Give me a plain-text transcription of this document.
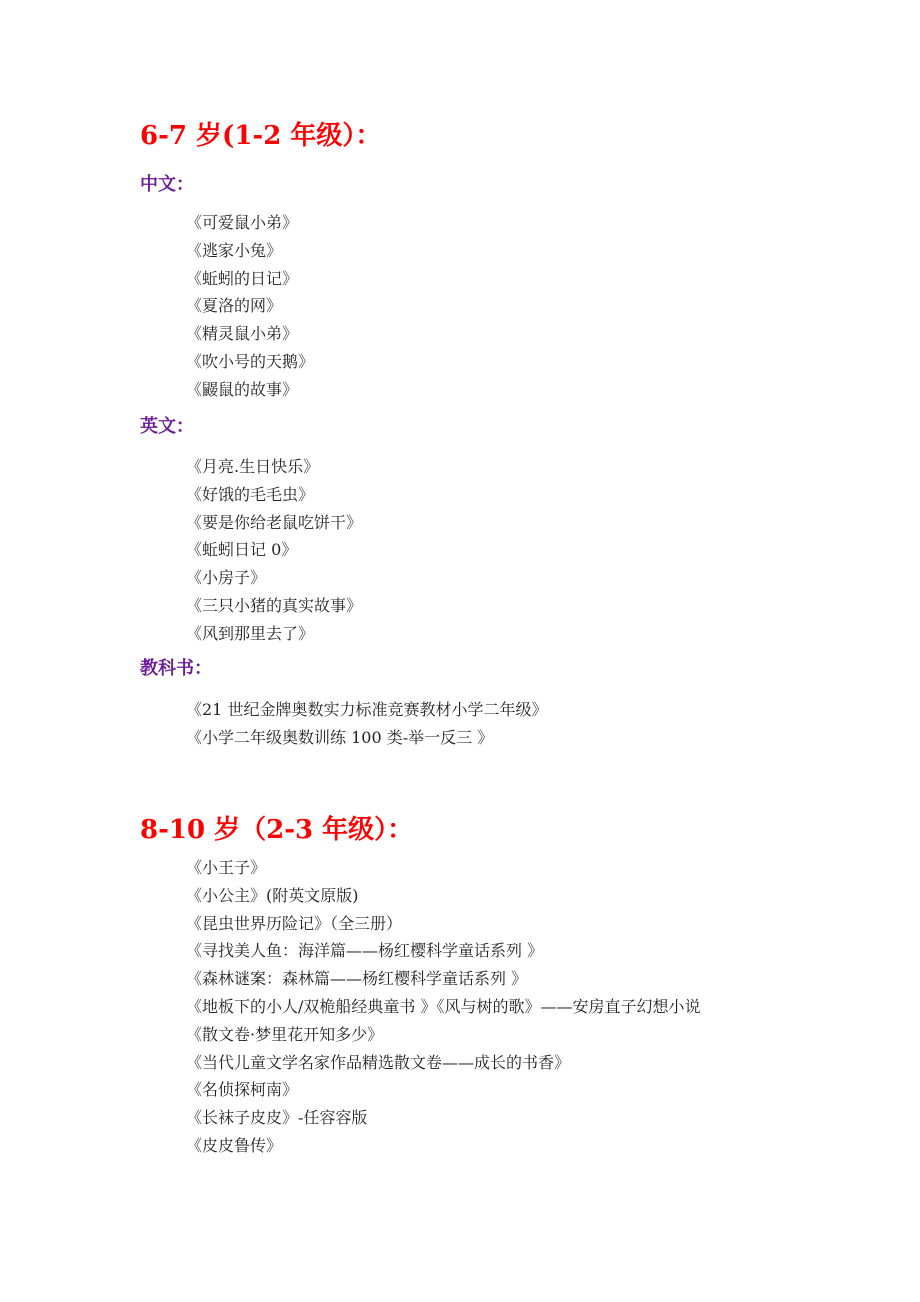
6-7 岁(1-2 年级）：
中文：
《可爱鼠小弟》
《逃家小兔》
《蚯蚓的日记》
《夏洛的网》
《精灵鼠小弟》
《吹小号的天鹅》
《鼹鼠的故事》
英文：
《月亮.生日快乐》
《好饿的毛毛虫》
《要是你给老鼠吃饼干》
《蚯蚓日记 0》
《小房子》
《三只小猪的真实故事》
《风到那里去了》
教科书：
《21 世纪金牌奥数实力标准竞赛教材小学二年级》
《小学二年级奥数训练 100 类-举一反三 》
8-10 岁（2-3 年级）：
《小王子》
《小公主》(附英文原版)
《昆虫世界历险记》（全三册）
《寻找美人鱼：海洋篇——杨红樱科学童话系列 》
《森林谜案：森林篇——杨红樱科学童话系列 》
《地板下的小人/双桅船经典童书 》《风与树的歌》——安房直子幻想小说
《散文卷·梦里花开知多少》
《当代儿童文学名家作品精选散文卷——成长的书香》
《名侦探柯南》
《长袜子皮皮》-任容容版
《皮皮鲁传》
